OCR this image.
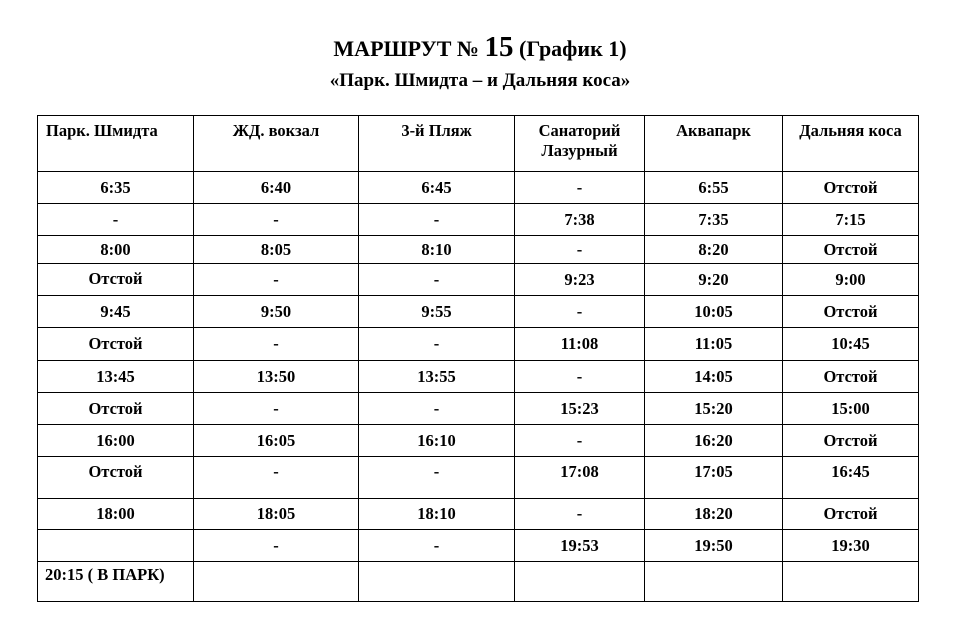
МАРШРУТ № 15 (График 1)
«Парк. Шмидта – и Дальняя коса»
Парк. Шмидта	ЖД. вокзал	3-й Пляж	Санаторий Лазурный	Аквапарк	Дальняя коса
6:35	6:40	6:45	-	6:55	Отстой
-	-	-	7:38	7:35	7:15
8:00	8:05	8:10	-	8:20	Отстой
Отстой	-	-	9:23	9:20	9:00
9:45	9:50	9:55	-	10:05	Отстой
Отстой	-	-	11:08	11:05	10:45
13:45	13:50	13:55	-	14:05	Отстой
Отстой	-	-	15:23	15:20	15:00
16:00	16:05	16:10	-	16:20	Отстой
Отстой	-	-	17:08	17:05	16:45
18:00	18:05	18:10	-	18:20	Отстой
	-	-	19:53	19:50	19:30
20:15 ( В ПАРК)					
